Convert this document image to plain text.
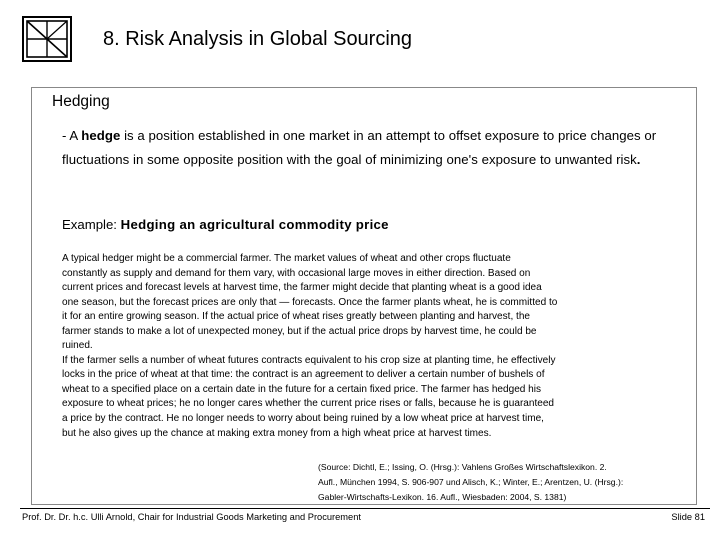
8. Risk Analysis in Global Sourcing
Hedging
- A hedge is a position established in one market in an attempt to offset exposure to price changes or fluctuations in some opposite position with the goal of minimizing one's exposure to unwanted risk.
Example: Hedging an agricultural commodity price

A typical hedger might be a commercial farmer. The market values of wheat and other crops fluctuate

constantly as supply and demand for them vary, with occasional large moves in either direction. Based on

current prices and forecast levels at harvest time, the farmer might decide that planting wheat is a good idea

one season, but the forecast prices are only that — forecasts. Once the farmer plants wheat, he is committed to

it for an entire growing season. If the actual price of wheat rises greatly between planting and harvest, the

farmer stands to make a lot of unexpected money, but if the actual price drops by harvest time, he could be

ruined.

If the farmer sells a number of wheat futures contracts equivalent to his crop size at planting time, he effectively

locks in the price of wheat at that time: the contract is an agreement to deliver a certain number of bushels of

wheat to a specified place on a certain date in the future for a certain fixed price. The farmer has hedged his

exposure to wheat prices; he no longer cares whether the current price rises or falls, because he is guaranteed

a price by the contract. He no longer needs to worry about being ruined by a low wheat price at harvest time,

but he also gives up the chance at making extra money from a high wheat price at harvest times.

(Source: Dichtl, E.; Issing, O. (Hrsg.): Vahlens Großes Wirtschaftslexikon. 2.

Aufl., München 1994, S. 906-907 und Alisch, K.; Winter, E.; Arentzen, U. (Hrsg.):

Gabler-Wirtschafts-Lexikon. 16. Aufl., Wiesbaden: 2004, S. 1381)

Prof. Dr. Dr. h.c. Ulli Arnold, Chair for Industrial Goods Marketing and Procurement	Slide 81
